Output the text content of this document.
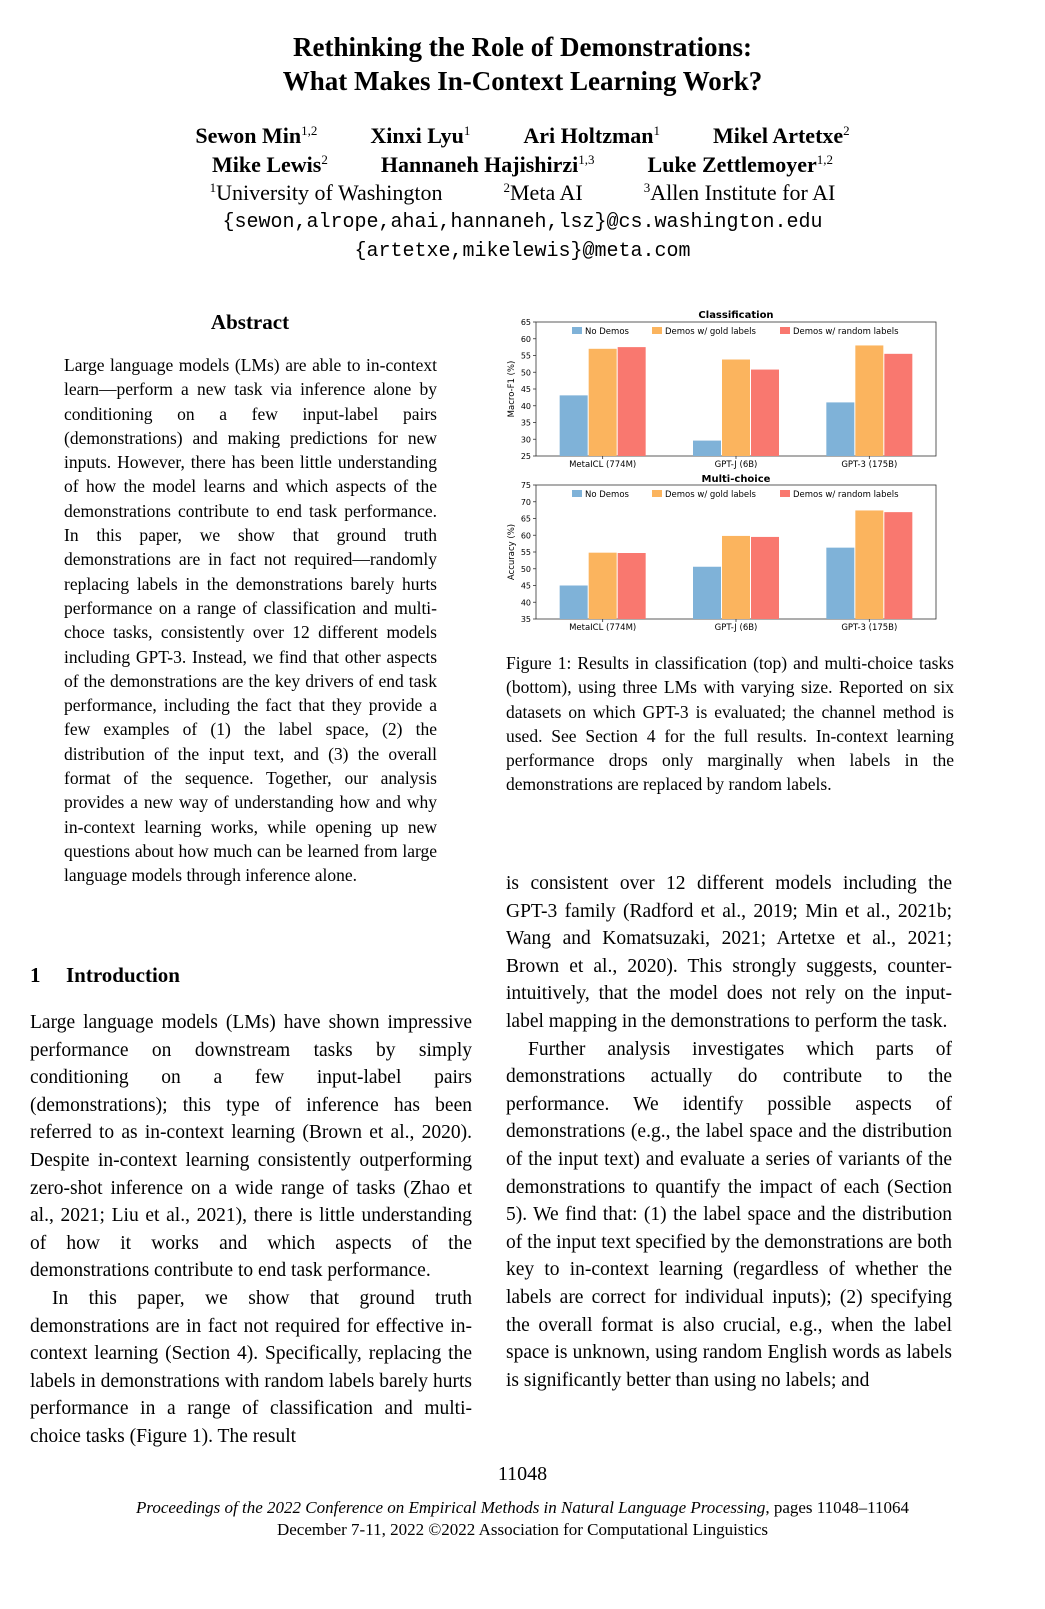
Rethinking the Role of Demonstrations:
What Makes In-Context Learning Work?
Sewon Min$^{1,2}$ Xinxi Lyu$^1$ Ari Holtzman$^1$ Mikel Artetxe$^2$
Mike Lewis$^2$ Hannaneh Hajishirzi$^{1,3}$ Luke Zettlemoyer$^{1,2}$
$^1$University of Washington	$^2$Meta AI	$^3$Allen Institute for AI
{sewon,alrope,ahai,hannaneh,lsz}@cs.washington.edu
{artetxe,mikelewis}@meta.com
Abstract
Large language models (LMs) are able to in-context learn—perform a new task via inference alone by conditioning on a few input-label pairs (demonstrations) and making predictions for new inputs. However, there has been little understanding of how the model learns and which aspects of the demonstrations contribute to end task performance. In this paper, we show that ground truth demonstrations are in fact not required—randomly replacing labels in the demonstrations barely hurts performance on a range of classification and multi-choce tasks, consistently over 12 different models including GPT-3. Instead, we find that other aspects of the demonstrations are the key drivers of end task performance, including the fact that they provide a few examples of (1) the label space, (2) the distribution of the input text, and (3) the overall format of the sequence. Together, our analysis provides a new way of understanding how and why in-context learning works, while opening up new questions about how much can be learned from large language models through inference alone.
1 Introduction

Large language models (LMs) have shown impressive performance on downstream tasks by simply conditioning on a few input-label pairs (demonstrations); this type of inference has been referred to as in-context learning (Brown et al., 2020). Despite in-context learning consistently outperforming zero-shot inference on a wide range of tasks (Zhao et al., 2021; Liu et al., 2021), there is little understanding of how it works and which aspects of the demonstrations contribute to end task performance.

In this paper, we show that ground truth demonstrations are in fact not required for effective in-context learning (Section 4). Specifically, replacing the labels in demonstrations with random labels barely hurts performance in a range of classification and multi-choice tasks (Figure 1). The result

Classification
25
30
35
40
45
50
55
60
65
Macro-F1 (%)
MetaICL (774M)	GPT-J (6B)	GPT-3 (175B)
No Demos	Demos w/ gold labels	Demos w/ random labels
Multi-choice
35
40
45
50
55
60
65
70
75
Accuracy (%)
MetaICL (774M)	GPT-J (6B)	GPT-3 (175B)
No Demos	Demos w/ gold labels	Demos w/ random labels
Figure 1: Results in classification (top) and multi-choice tasks (bottom), using three LMs with varying size. Reported on six datasets on which GPT-3 is evaluated; the channel method is used. See Section 4 for the full results. In-context learning performance drops only marginally when labels in the demonstrations are replaced by random labels.

is consistent over 12 different models including the GPT-3 family (Radford et al., 2019; Min et al., 2021b; Wang and Komatsuzaki, 2021; Artetxe et al., 2021; Brown et al., 2020). This strongly suggests, counter-intuitively, that the model does not rely on the input-label mapping in the demonstrations to perform the task.

Further analysis investigates which parts of demonstrations actually do contribute to the performance. We identify possible aspects of demonstrations (e.g., the label space and the distribution of the input text) and evaluate a series of variants of the demonstrations to quantify the impact of each (Section 5). We find that: (1) the label space and the distribution of the input text specified by the demonstrations are both key to in-context learning (regardless of whether the labels are correct for individual inputs); (2) specifying the overall format is also crucial, e.g., when the label space is unknown, using random English words as labels is significantly better than using no labels; and

11048
Proceedings of the 2022 Conference on Empirical Methods in Natural Language Processing, pages 11048–11064
December 7-11, 2022 ©2022 Association for Computational Linguistics
